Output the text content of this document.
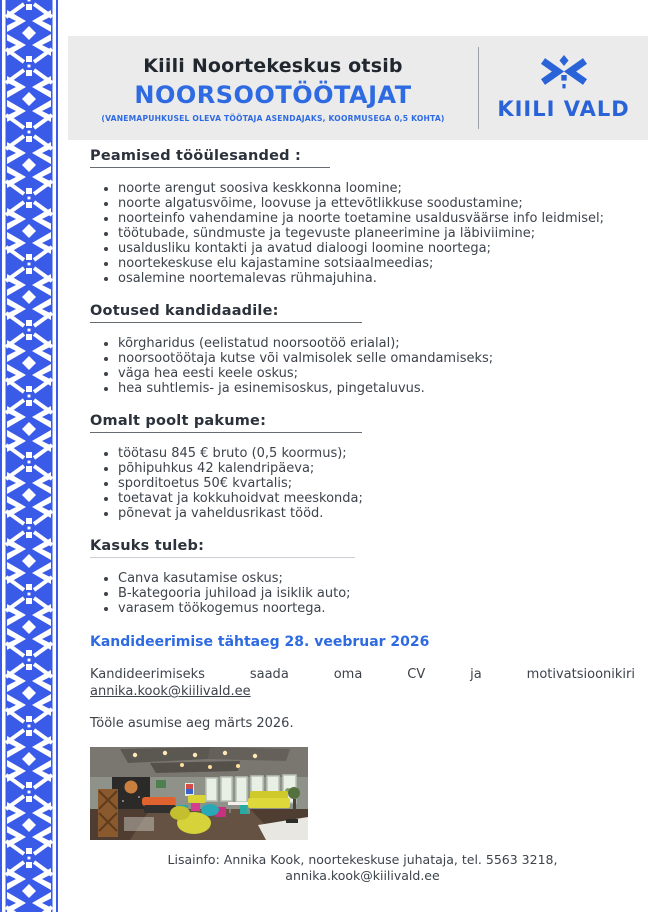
Kiili Noortekeskus otsib
NOORSOOTÖÖTAJAT
(VANEMAPUHKUSEL OLEVA TÖÖTAJA ASENDAJAKS, KOORMUSEGA 0,5 KOHTA)	KIILI VALD
Peamised tööülesanded :
• noorte arengut soosiva keskkonna loomine;
• noorte algatusvõime, loovuse ja ettevõtlikkuse soodustamine;
• noorteinfo vahendamine ja noorte toetamine usaldusväärse info leidmisel;
• töötubade, sündmuste ja tegevuste planeerimine ja läbiviimine;
• usaldusliku kontakti ja avatud dialoogi loomine noortega;
• noortekeskuse elu kajastamine sotsiaalmeedias;
• osalemine noortemalevas rühmajuhina.
Ootused kandidaadile:
• kõrgharidus (eelistatud noorsootöö erialal);
• noorsootöötaja kutse või valmisolek selle omandamiseks;
• väga hea eesti keele oskus;
• hea suhtlemis- ja esinemisoskus, pingetaluvus.
Omalt poolt pakume:
• töötasu 845 € bruto (0,5 koormus);
• põhipuhkus 42 kalendripäeva;
• sporditoetus 50€ kvartalis;
• toetavat ja kokkuhoidvat meeskonda;
• põnevat ja vaheldusrikast tööd.
Kasuks tuleb:
• Canva kasutamise oskus;
• B-kategooria juhiload ja isiklik auto;
• varasem töökogemus noortega.

Kandideerimise tähtaeg 28. veebruar 2026

Kandideerimiseks saada oma CV ja motivatsioonikiri
annika.kook@kiilivald.ee

Tööle asumise aeg märts 2026.

Lisainfo: Annika Kook, noortekeskuse juhataja, tel. 5563 3218,
annika.kook@kiilivald.ee
